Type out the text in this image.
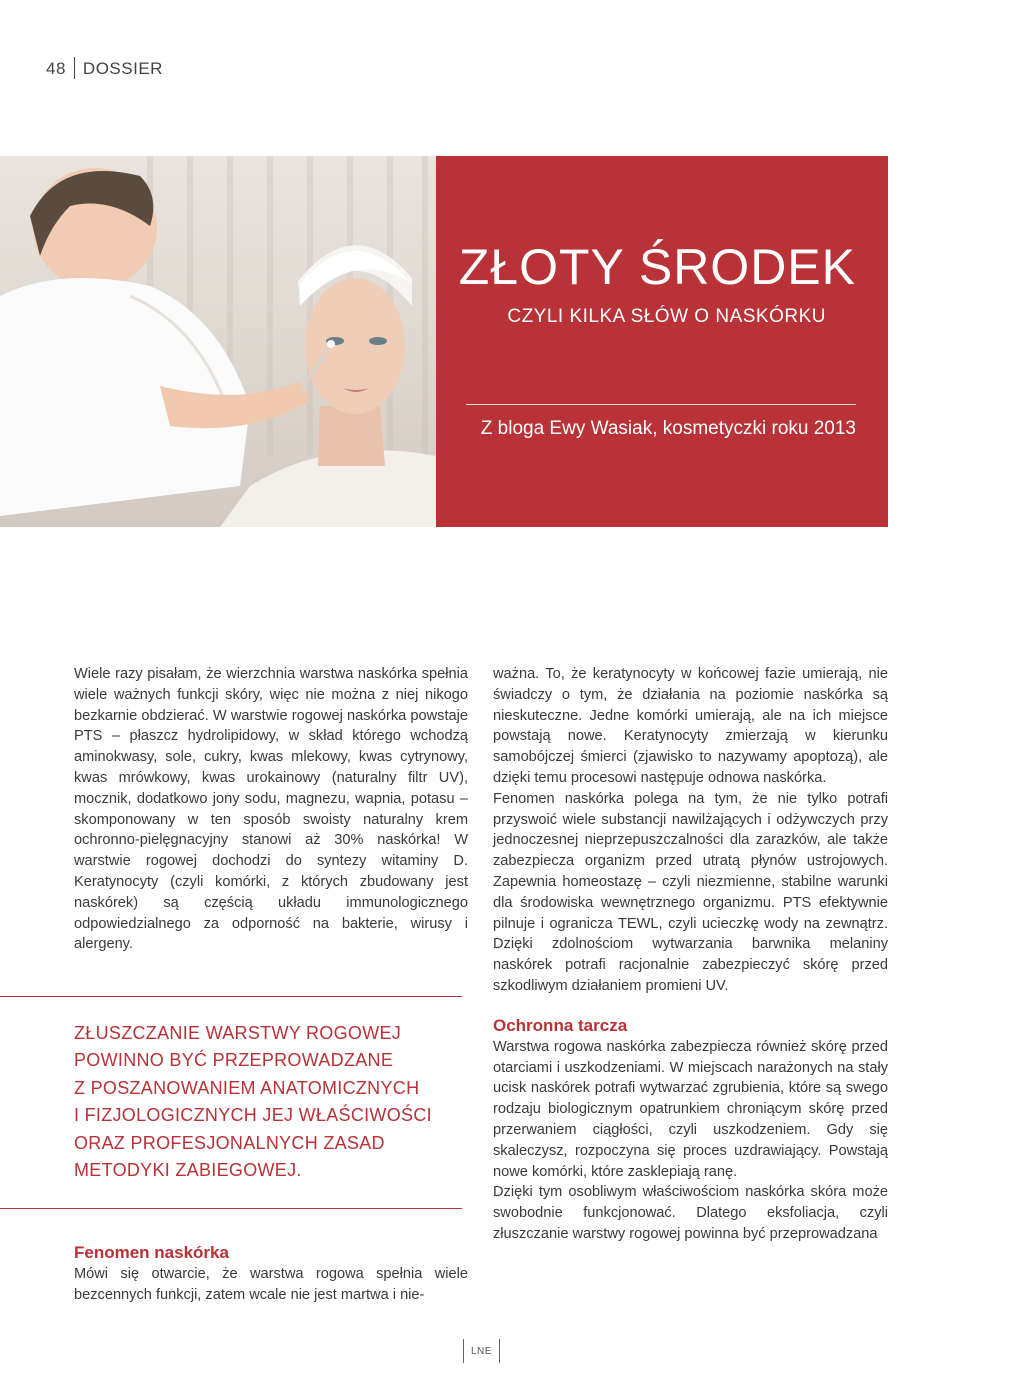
48 DOSSIER
ZŁOTY ŚRODEK
CZYLI KILKA SŁÓW O NASKÓRKU
Z bloga Ewy Wasiak, kosmetyczki roku 2013

Wiele razy pisałam, że wierzchnia warstwa naskórka spełnia wiele ważnych funkcji skóry, więc nie można z niej nikogo bezkarnie obdzierać. W warstwie rogowej naskórka powstaje PTS – płaszcz hydrolipidowy, w skład którego wchodzą aminokwasy, sole, cukry, kwas mlekowy, kwas cytrynowy, kwas mrówkowy, kwas urokainowy (naturalny filtr UV), mocznik, dodatkowo jony sodu, magnezu, wapnia, potasu – skomponowany w ten sposób swoisty naturalny krem ochronno-pielęgnacyjny stanowi aż 30% naskórka! W warstwie rogowej dochodzi do syntezy witaminy D. Keratynocyty (czyli komórki, z których zbudowany jest naskórek) są częścią układu immunologicznego odpowiedzialnego za odporność na bakterie, wirusy i alergeny.

ZŁUSZCZANIE WARSTWY ROGOWEJ
POWINNO BYĆ PRZEPROWADZANE
Z POSZANOWANIEM ANATOMICZNYCH
I FIZJOLOGICZNYCH JEJ WŁAŚCIWOŚCI
ORAZ PROFESJONALNYCH ZASAD
METODYKI ZABIEGOWEJ.
Fenomen naskórka

Mówi się otwarcie, że warstwa rogowa spełnia wiele bezcennych funkcji, zatem wcale nie jest martwa i nie-

ważna. To, że keratynocyty w końcowej fazie umierają, nie świadczy o tym, że działania na poziomie naskórka są nieskuteczne. Jedne komórki umierają, ale na ich miejsce powstają nowe. Keratynocyty zmierzają w kierunku samobójczej śmierci (zjawisko to nazywamy apoptozą), ale dzięki temu procesowi następuje odnowa naskórka.

Fenomen naskórka polega na tym, że nie tylko potrafi przyswoić wiele substancji nawilżających i odżywczych przy jednoczesnej nieprzepuszczalności dla zarazków, ale także zabezpiecza organizm przed utratą płynów ustrojowych. Zapewnia homeostazę – czyli niezmienne, stabilne warunki dla środowiska wewnętrznego organizmu. PTS efektywnie pilnuje i ogranicza TEWL, czyli ucieczkę wody na zewnątrz. Dzięki zdolnościom wytwarzania barwnika melaniny naskórek potrafi racjonalnie zabezpieczyć skórę przed szkodliwym działaniem promieni UV.

Ochronna tarcza

Warstwa rogowa naskórka zabezpiecza również skórę przed otarciami i uszkodzeniami. W miejscach narażonych na stały ucisk naskórek potrafi wytwarzać zgrubienia, które są swego rodzaju biologicznym opatrunkiem chroniącym skórę przed przerwaniem ciągłości, czyli uszkodzeniem. Gdy się skaleczysz, rozpoczyna się proces uzdrawiający. Powstają nowe komórki, które zasklepiają ranę.

Dzięki tym osobliwym właściwościom naskórka skóra może swobodnie funkcjonować. Dlatego eksfoliacja, czyli złuszczanie warstwy rogowej powinna być przeprowadzana

LNE
